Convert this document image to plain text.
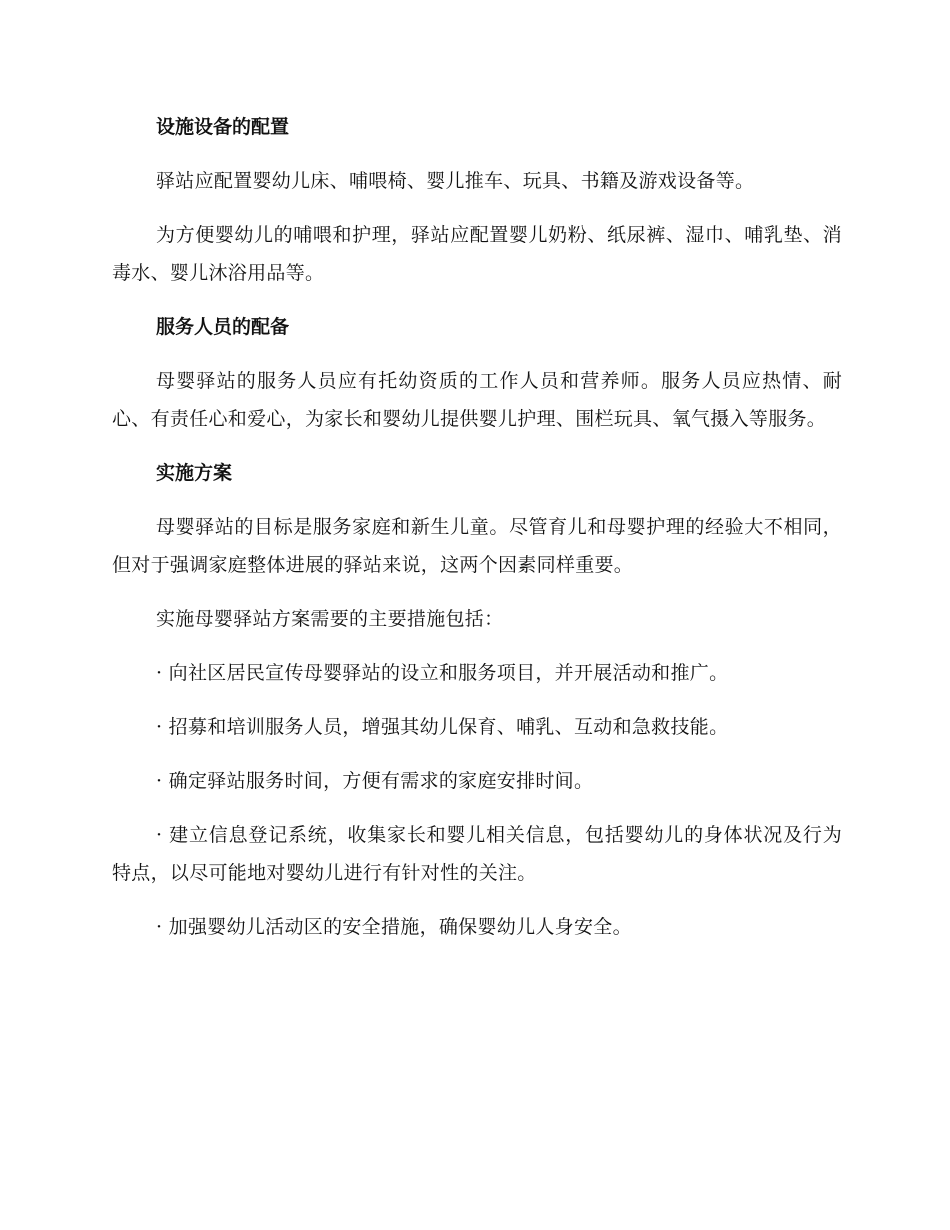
设施设备的配置

驿站应配置婴幼儿床、哺喂椅、婴儿推车、玩具、书籍及游戏设备等。

为方便婴幼儿的哺喂和护理，驿站应配置婴儿奶粉、纸尿裤、湿巾、哺乳垫、消毒水、婴儿沐浴用品等。

服务人员的配备

母婴驿站的服务人员应有托幼资质的工作人员和营养师。服务人员应热情、耐心、有责任心和爱心，为家长和婴幼儿提供婴儿护理、围栏玩具、氧气摄入等服务。

实施方案

母婴驿站的目标是服务家庭和新生儿童。尽管育儿和母婴护理的经验大不相同，但对于强调家庭整体进展的驿站来说，这两个因素同样重要。

实施母婴驿站方案需要的主要措施包括：

· 向社区居民宣传母婴驿站的设立和服务项目，并开展活动和推广。

· 招募和培训服务人员，增强其幼儿保育、哺乳、互动和急救技能。

· 确定驿站服务时间，方便有需求的家庭安排时间。

· 建立信息登记系统，收集家长和婴儿相关信息，包括婴幼儿的身体状况及行为特点，以尽可能地对婴幼儿进行有针对性的关注。

· 加强婴幼儿活动区的安全措施，确保婴幼儿人身安全。
